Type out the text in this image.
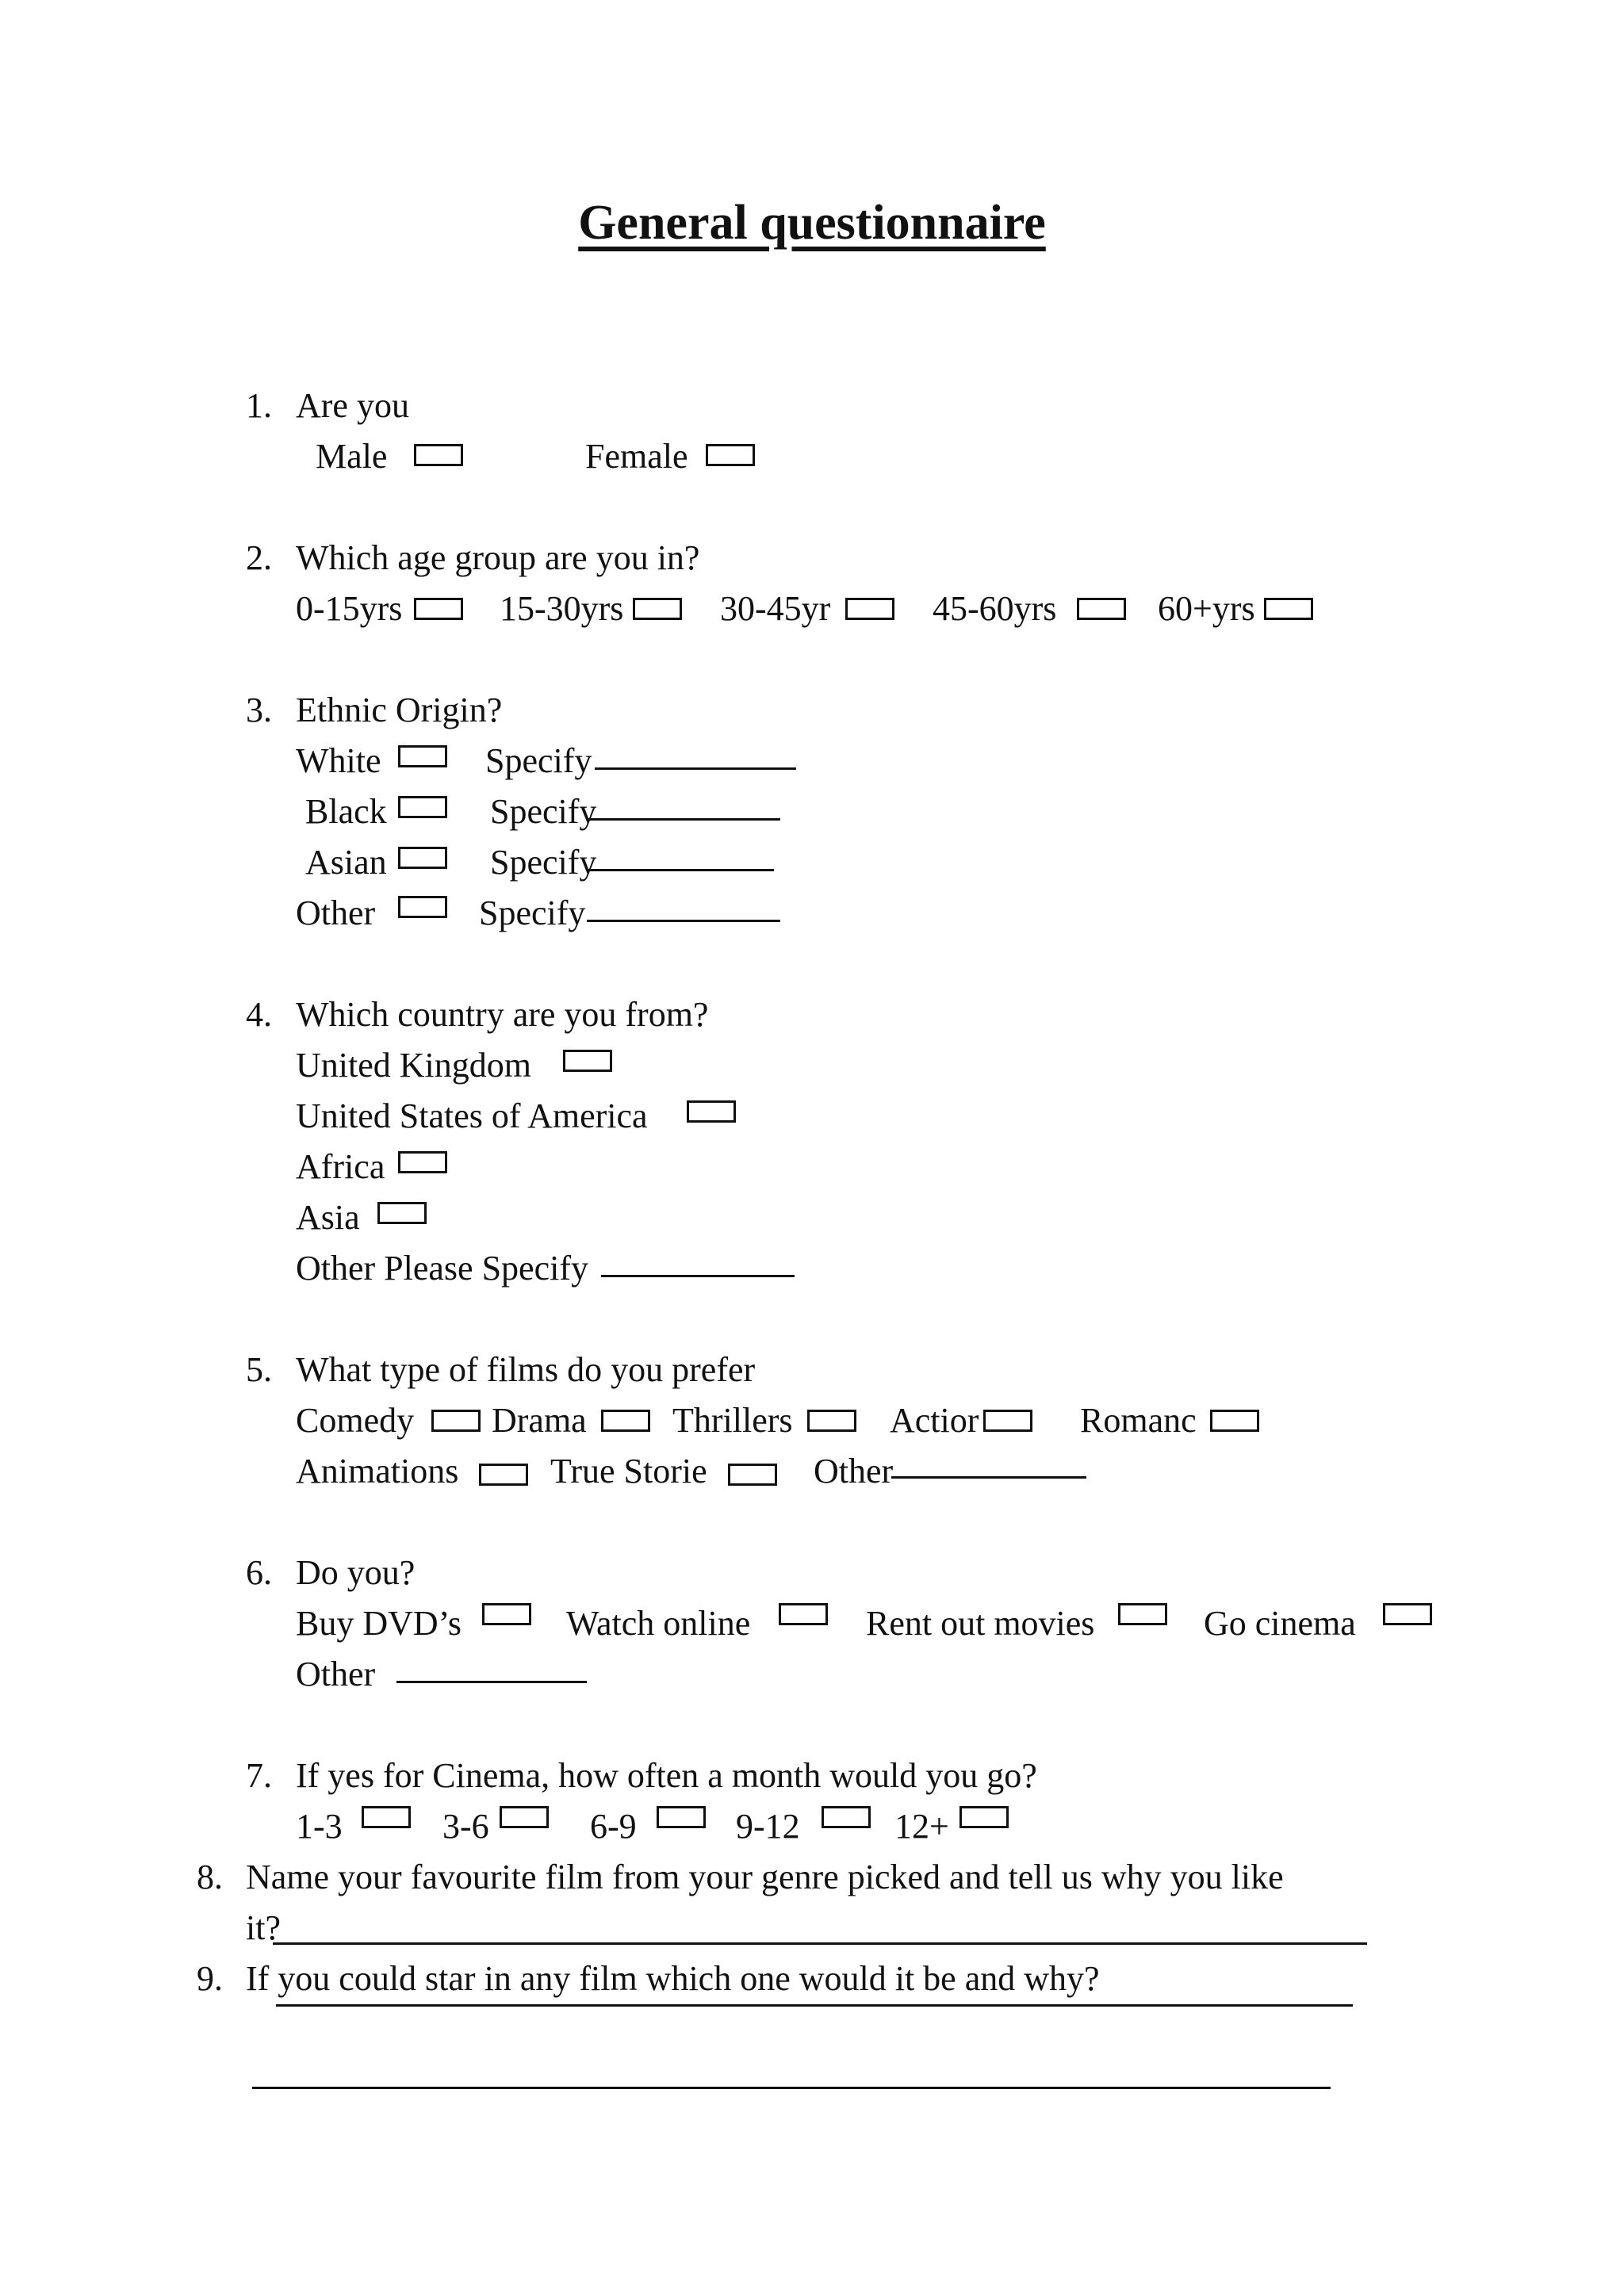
General questionnaire
1. Are you
Male	Female
2. Which age group are you in?
0-15yrs	15-30yrs	30-45yr	45-60yrs	60+yrs
3. Ethnic Origin?
White	Specify
Black	Specify
Asian	Specify
Other	Specify
4. Which country are you from?
United Kingdom
United States of America
Africa
Asia
Other Please Specify
5. What type of films do you prefer
Comedy Drama Thrillers	Actior	Romanc
Animations	True Storie	Other
6. Do you?
Buy DVD’s	Watch online	Rent out movies	Go cinema
Other
7. If yes for Cinema, how often a month would you go?
1-3	3-6	6-9	9-12	12+
8. Name your favourite film from your genre picked and tell us why you like
it?
9. If you could star in any film which one would it be and why?
